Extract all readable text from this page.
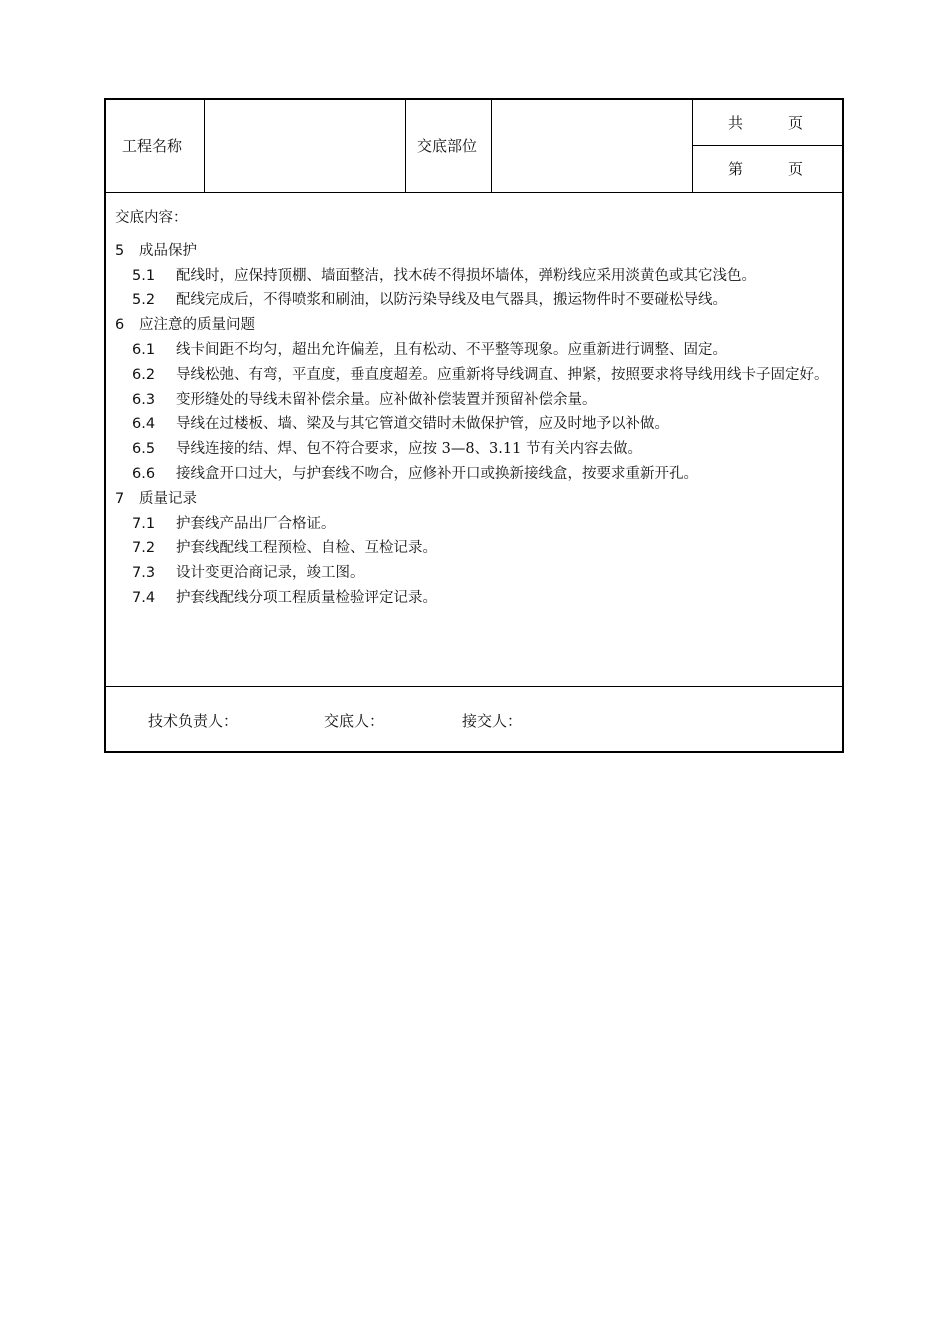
工程名称	交底部位
共　　　页
第　　　页

交底内容：

5 成品保护

5.1 配线时，应保持顶棚、墙面整洁，找木砖不得损坏墙体，弹粉线应采用淡黄色或其它浅色。

5.2 配线完成后，不得喷浆和刷油，以防污染导线及电气器具，搬运物件时不要碰松导线。

6 应注意的质量问题

6.1 线卡间距不均匀，超出允许偏差，且有松动、不平整等现象。应重新进行调整、固定。

6.2 导线松弛、有弯，平直度，垂直度超差。应重新将导线调直、抻紧，按照要求将导线用线卡子固定好。

6.3 变形缝处的导线未留补偿余量。应补做补偿装置并预留补偿余量。

6.4 导线在过楼板、墙、梁及与其它管道交错时未做保护管，应及时地予以补做。

6.5 导线连接的结、焊、包不符合要求，应按 3—8、3.11 节有关内容去做。

6.6 接线盒开口过大，与护套线不吻合，应修补开口或换新接线盒，按要求重新开孔。

7 质量记录

7.1 护套线产品出厂合格证。

7.2 护套线配线工程预检、自检、互检记录。

7.3 设计变更洽商记录，竣工图。

7.4 护套线配线分项工程质量检验评定记录。

技术负责人：	交底人：	接交人：
